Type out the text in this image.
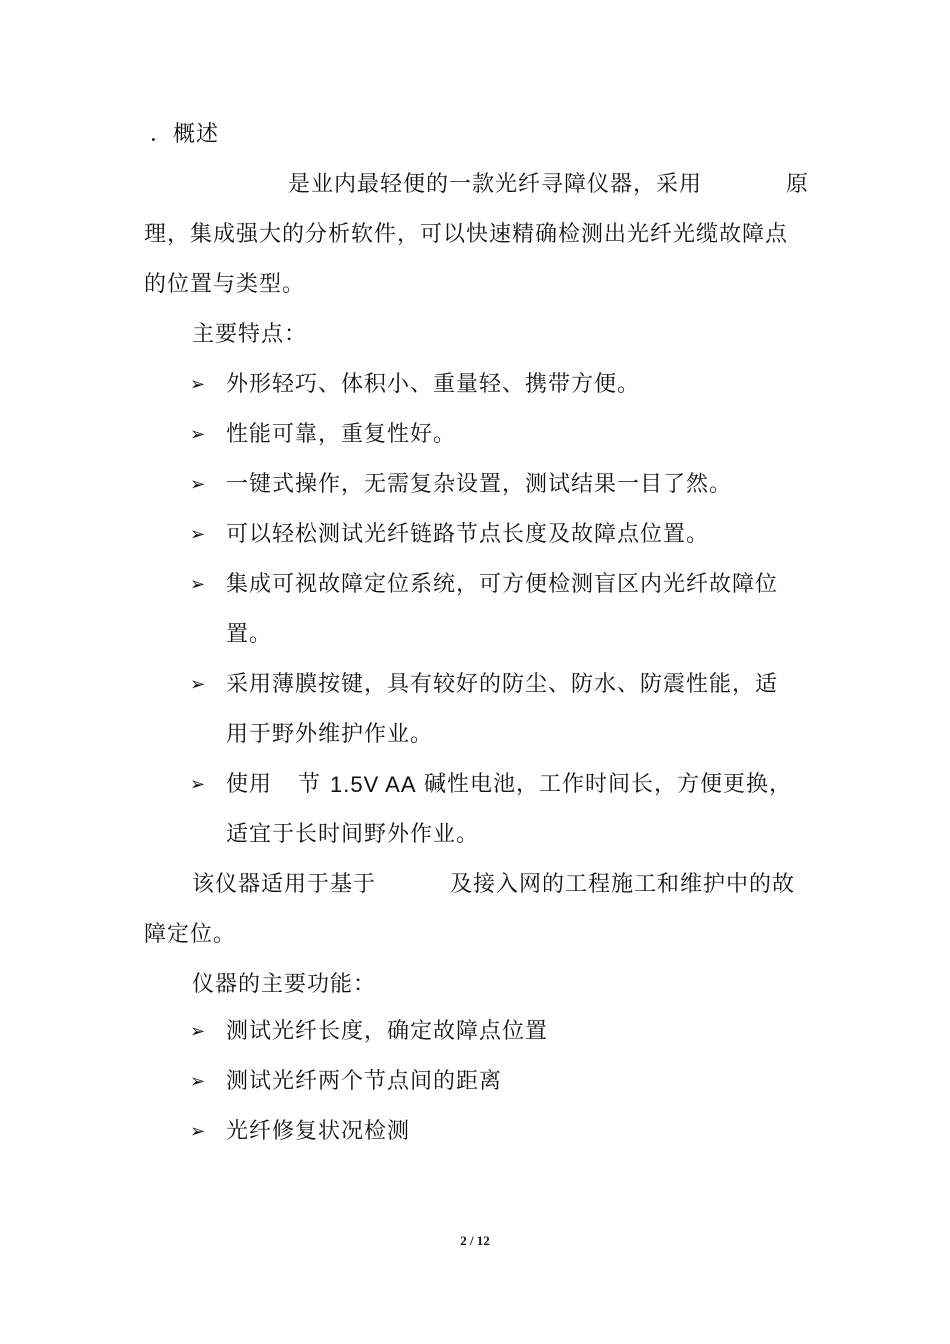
．概述
是业内最轻便的一款光纤寻障仪器，采用	原
理，集成强大的分析软件，可以快速精确检测出光纤光缆故障点
的位置与类型。
主要特点：
➢ 外形轻巧、体积小、重量轻、携带方便。
➢ 性能可靠，重复性好。
➢ 一键式操作，无需复杂设置，测试结果一目了然。
➢ 可以轻松测试光纤链路节点长度及故障点位置。
➢ 集成可视故障定位系统，可方便检测盲区内光纤故障位
置。
➢ 采用薄膜按键，具有较好的防尘、防水、防震性能，适
用于野外维护作业。
➢ 使用 节 1.5V AA 碱性电池，工作时间长，方便更换，
适宜于长时间野外作业。
该仪器适用于基于	及接入网的工程施工和维护中的故
障定位。
仪器的主要功能：
➢ 测试光纤长度，确定故障点位置
➢ 测试光纤两个节点间的距离
➢ 光纤修复状况检测
2 / 12
